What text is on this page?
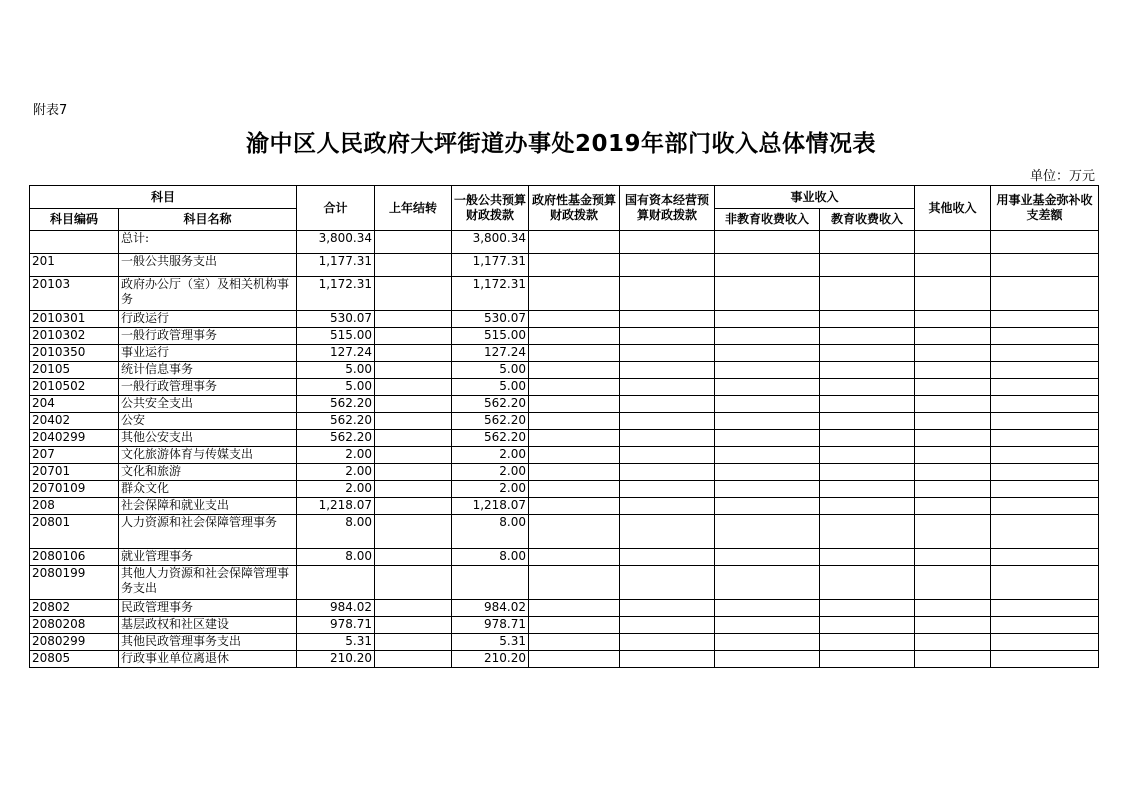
附表7
渝中区人民政府大坪街道办事处2019年部门收入总体情况表
单位：万元
科目		合计	上年结转	一般公共预算财政拨款	政府性基金预算财政拨款	国有资本经营预算财政拨款	事业收入		其他收入	用事业基金弥补收支差额
科目编码	科目名称						非教育收费收入	教育收费收入		
	总计:	3,800.34		3,800.34						
201	一般公共服务支出	1,177.31		1,177.31						
20103	政府办公厅（室）及相关机构事务	1,172.31		1,172.31						
2010301	行政运行	530.07		530.07						
2010302	一般行政管理事务	515.00		515.00						
2010350	事业运行	127.24		127.24						
20105	统计信息事务	5.00		5.00						
2010502	一般行政管理事务	5.00		5.00						
204	公共安全支出	562.20		562.20						
20402	公安	562.20		562.20						
2040299	其他公安支出	562.20		562.20						
207	文化旅游体育与传媒支出	2.00		2.00						
20701	文化和旅游	2.00		2.00						
2070109	群众文化	2.00		2.00						
208	社会保障和就业支出	1,218.07		1,218.07						
20801	人力资源和社会保障管理事务	8.00		8.00						
2080106	就业管理事务	8.00		8.00						
2080199	其他人力资源和社会保障管理事务支出									
20802	民政管理事务	984.02		984.02						
2080208	基层政权和社区建设	978.71		978.71						
2080299	其他民政管理事务支出	5.31		5.31						
20805	行政事业单位离退休	210.20		210.20						
